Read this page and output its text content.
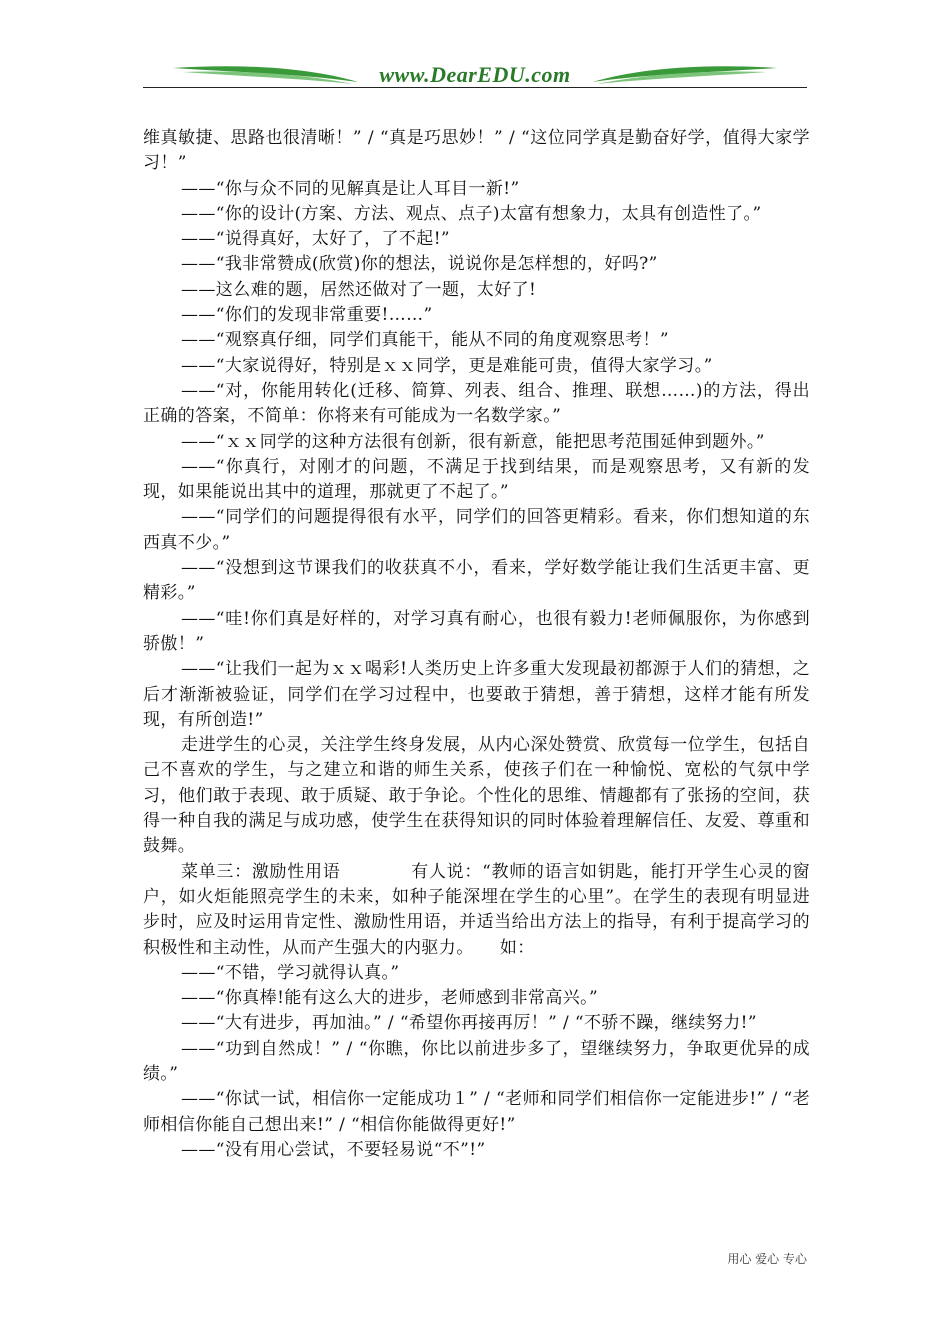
www.DearEDU.com

维真敏捷、思路也很清晰！” / “真是巧思妙！” / “这位同学真是勤奋好学，值得大家学习！”

——“你与众不同的见解真是让人耳目一新!”

——“你的设计(方案、方法、观点、点子)太富有想象力，太具有创造性了。”

——“说得真好，太好了，了不起!”

——“我非常赞成(欣赏)你的想法，说说你是怎样想的，好吗?”

——这么难的题，居然还做对了一题，太好了!

——“你们的发现非常重要!……”

——“观察真仔细，同学们真能干，能从不同的角度观察思考！”

——“大家说得好，特别是ｘｘ同学，更是难能可贵，值得大家学习。”

——“对，你能用转化(迁移、简算、列表、组合、推理、联想……)的方法，得出正确的答案，不简单：你将来有可能成为一名数学家。”

——“ｘｘ同学的这种方法很有创新，很有新意，能把思考范围延伸到题外。”

——“你真行，对刚才的问题，不满足于找到结果，而是观察思考，又有新的发现，如果能说出其中的道理，那就更了不起了。”

——“同学们的问题提得很有水平，同学们的回答更精彩。看来，你们想知道的东西真不少。”

——“没想到这节课我们的收获真不小，看来，学好数学能让我们生活更丰富、更精彩。”

——“哇!你们真是好样的，对学习真有耐心，也很有毅力!老师佩服你，为你感到骄傲！”

——“让我们一起为ｘｘ喝彩!人类历史上许多重大发现最初都源于人们的猜想，之后才渐渐被验证，同学们在学习过程中，也要敢于猜想，善于猜想，这样才能有所发现，有所创造!”

走进学生的心灵，关注学生终身发展，从内心深处赞赏、欣赏每一位学生，包括自己不喜欢的学生，与之建立和谐的师生关系，使孩子们在一种愉悦、宽松的气氛中学习，他们敢于表现、敢于质疑、敢于争论。个性化的思维、情趣都有了张扬的空间，获得一种自我的满足与成功感，使学生在获得知识的同时体验着理解信任、友爱、尊重和鼓舞。

菜单三：激励性用语　　　　有人说：“教师的语言如钥匙，能打开学生心灵的窗户，如火炬能照亮学生的未来，如种子能深埋在学生的心里”。在学生的表现有明显进步时，应及时运用肯定性、激励性用语，并适当给出方法上的指导，有利于提高学习的积极性和主动性，从而产生强大的内驱力。　　如：

——“不错，学习就得认真。”

——“你真棒!能有这么大的进步，老师感到非常高兴。”

——“大有进步，再加油。” / “希望你再接再厉！” / “不骄不躁，继续努力!”

——“功到自然成！” / “你瞧，你比以前进步多了，望继续努力，争取更优异的成绩。”

——“你试一试，相信你一定能成功１” / “老师和同学们相信你一定能进步!” / “老师相信你能自己想出来!” / “相信你能做得更好!”

——“没有用心尝试，不要轻易说“不”!”

用心 爱心 专心
